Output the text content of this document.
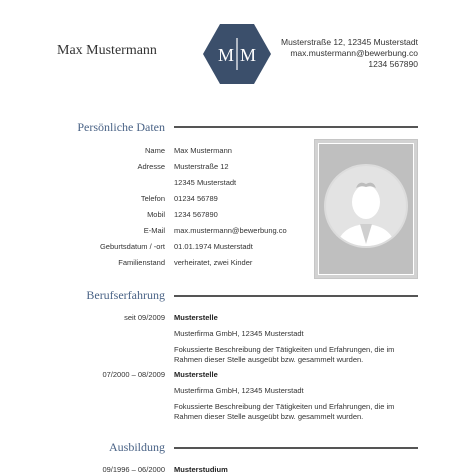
Max Mustermann	M M
Musterstraße 12, 12345 Musterstadt
max.mustermann@bewerbung.co
1234 567890
Persönliche Daten
Name Max Mustermann
Adresse Musterstraße 12
12345 Musterstadt
Telefon 01234 56789
Mobil 1234 567890
E-Mail max.mustermann@bewerbung.co
Geburtsdatum / -ort 01.01.1974 Musterstadt
Familienstand verheiratet, zwei Kinder
Berufserfahrung
seit 09/2009 Musterstelle
Musterfirma GmbH, 12345 Musterstadt
Fokussierte Beschreibung der Tätigkeiten und Erfahrungen, die im
Rahmen dieser Stelle ausgeübt bzw. gesammelt wurden.
07/2000 – 08/2009 Musterstelle
Musterfirma GmbH, 12345 Musterstadt
Fokussierte Beschreibung der Tätigkeiten und Erfahrungen, die im
Rahmen dieser Stelle ausgeübt bzw. gesammelt wurden.
Ausbildung
09/1996 – 06/2000 Musterstudium
